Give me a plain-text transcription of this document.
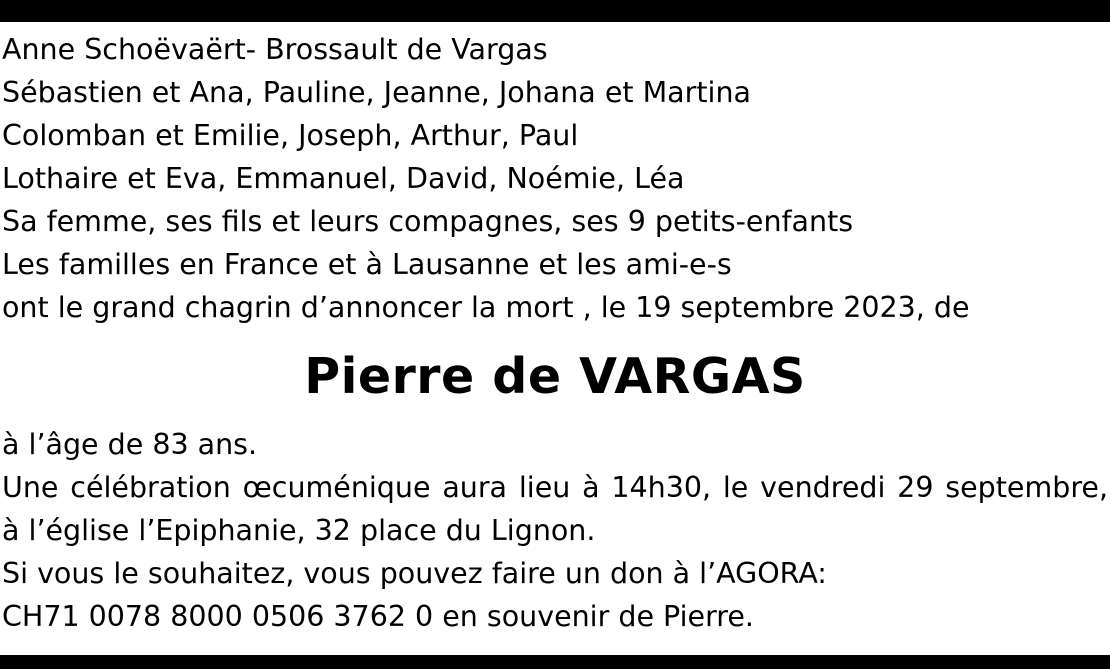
Anne Schoëvaërt- Brossault de Vargas
Sébastien et Ana, Pauline, Jeanne, Johana et Martina
Colomban et Emilie, Joseph, Arthur, Paul
Lothaire et Eva, Emmanuel, David, Noémie, Léa
Sa femme, ses fils et leurs compagnes, ses 9 petits-enfants
Les familles en France et à Lausanne et les ami-e-s
ont le grand chagrin d’annoncer la mort , le 19 septembre 2023, de
Pierre de VARGAS
à l’âge de 83 ans.
Une célébration œcuménique aura lieu à 14h30, le vendredi 29 septembre,
à l’église l’Epiphanie, 32 place du Lignon.
Si vous le souhaitez, vous pouvez faire un don à l’AGORA:
CH71 0078 8000 0506 3762 0 en souvenir de Pierre.
